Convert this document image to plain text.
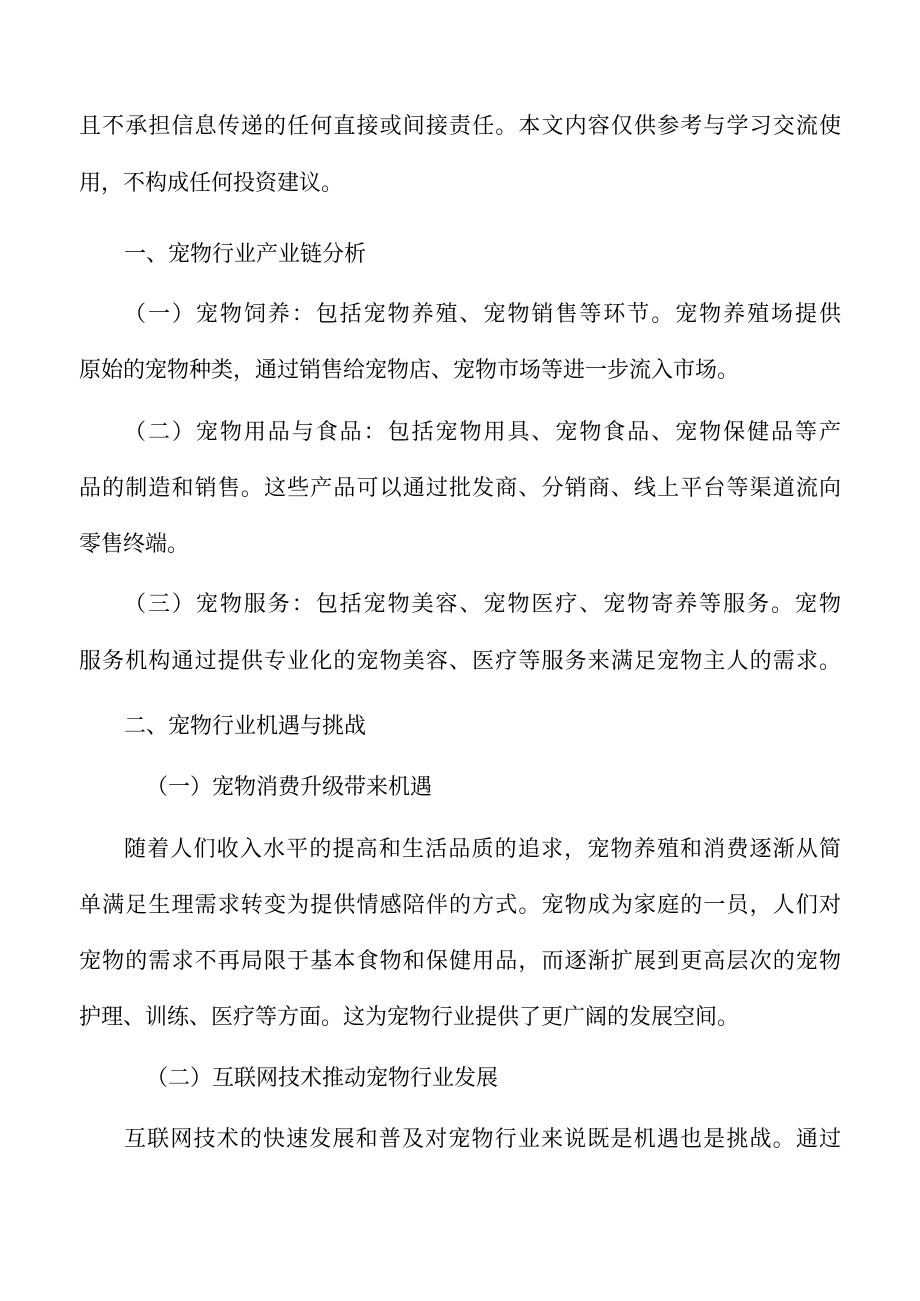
且不承担信息传递的任何直接或间接责任。本文内容仅供参考与学习交流使
用，不构成任何投资建议。
一、宠物行业产业链分析
（一）宠物饲养：包括宠物养殖、宠物销售等环节。宠物养殖场提供
原始的宠物种类，通过销售给宠物店、宠物市场等进一步流入市场。
（二）宠物用品与食品：包括宠物用具、宠物食品、宠物保健品等产
品的制造和销售。这些产品可以通过批发商、分销商、线上平台等渠道流向
零售终端。
（三）宠物服务：包括宠物美容、宠物医疗、宠物寄养等服务。宠物
服务机构通过提供专业化的宠物美容、医疗等服务来满足宠物主人的需求。
二、宠物行业机遇与挑战
（一）宠物消费升级带来机遇
随着人们收入水平的提高和生活品质的追求，宠物养殖和消费逐渐从简
单满足生理需求转变为提供情感陪伴的方式。宠物成为家庭的一员，人们对
宠物的需求不再局限于基本食物和保健用品，而逐渐扩展到更高层次的宠物
护理、训练、医疗等方面。这为宠物行业提供了更广阔的发展空间。
（二）互联网技术推动宠物行业发展
互联网技术的快速发展和普及对宠物行业来说既是机遇也是挑战。通过
